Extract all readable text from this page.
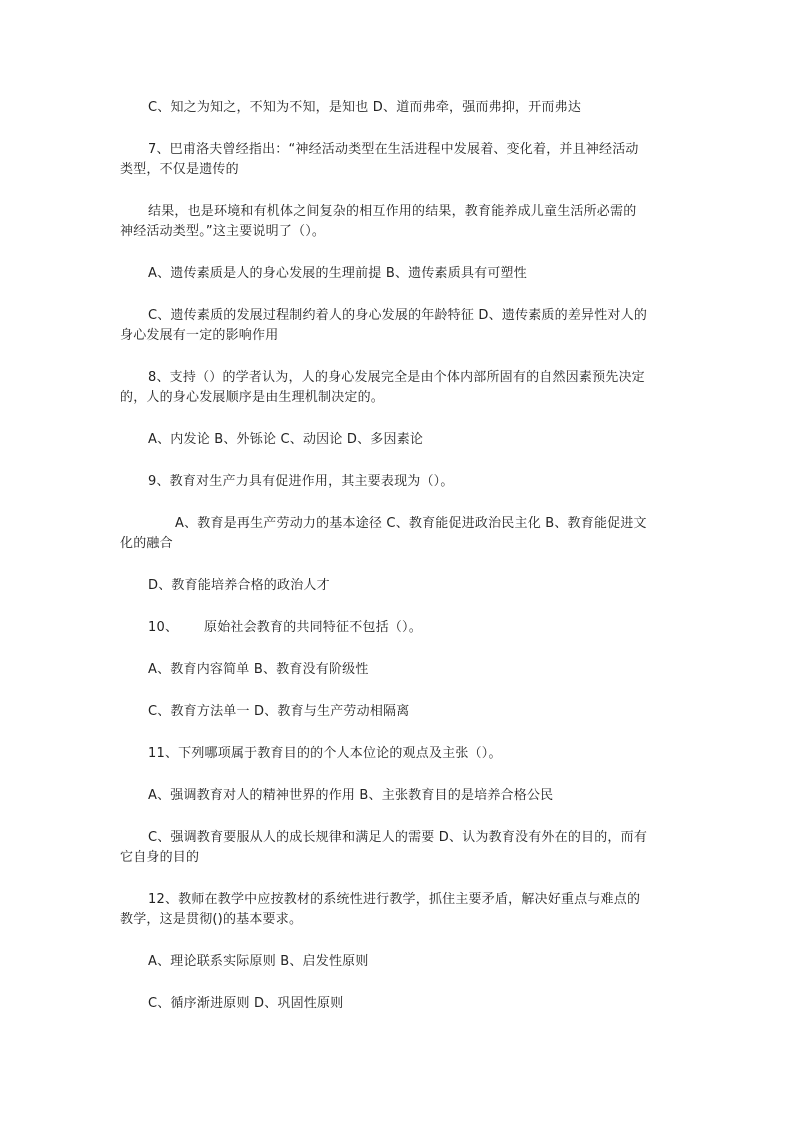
C、知之为知之，不知为不知，是知也 D、道而弗牵，强而弗抑，开而弗达

7、巴甫洛夫曾经指出：“神经活动类型在生活进程中发展着、变化着，并且神经活动

类型，不仅是遗传的

结果，也是环境和有机体之间复杂的相互作用的结果，教育能养成儿童生活所必需的

神经活动类型。”这主要说明了（）。

A、遗传素质是人的身心发展的生理前提 B、遗传素质具有可塑性

C、遗传素质的发展过程制约着人的身心发展的年龄特征 D、遗传素质的差异性对人的

身心发展有一定的影响作用

8、支持（）的学者认为，人的身心发展完全是由个体内部所固有的自然因素预先决定

的，人的身心发展顺序是由生理机制决定的。

A、内发论 B、外铄论 C、动因论 D、多因素论

9、教育对生产力具有促进作用，其主要表现为（）。

A、教育是再生产劳动力的基本途径 C、教育能促进政治民主化 B、教育能促进文

化的融合

D、教育能培养合格的政治人才

10、 原始社会教育的共同特征不包括（）。

A、教育内容简单 B、教育没有阶级性

C、教育方法单一 D、教育与生产劳动相隔离

11、下列哪项属于教育目的的个人本位论的观点及主张（）。

A、强调教育对人的精神世界的作用 B、主张教育目的是培养合格公民

C、强调教育要服从人的成长规律和满足人的需要 D、认为教育没有外在的目的，而有

它自身的目的

12、教师在教学中应按教材的系统性进行教学，抓住主要矛盾，解决好重点与难点的

教学，这是贯彻()的基本要求。

A、理论联系实际原则 B、启发性原则

C、循序渐进原则 D、巩固性原则
